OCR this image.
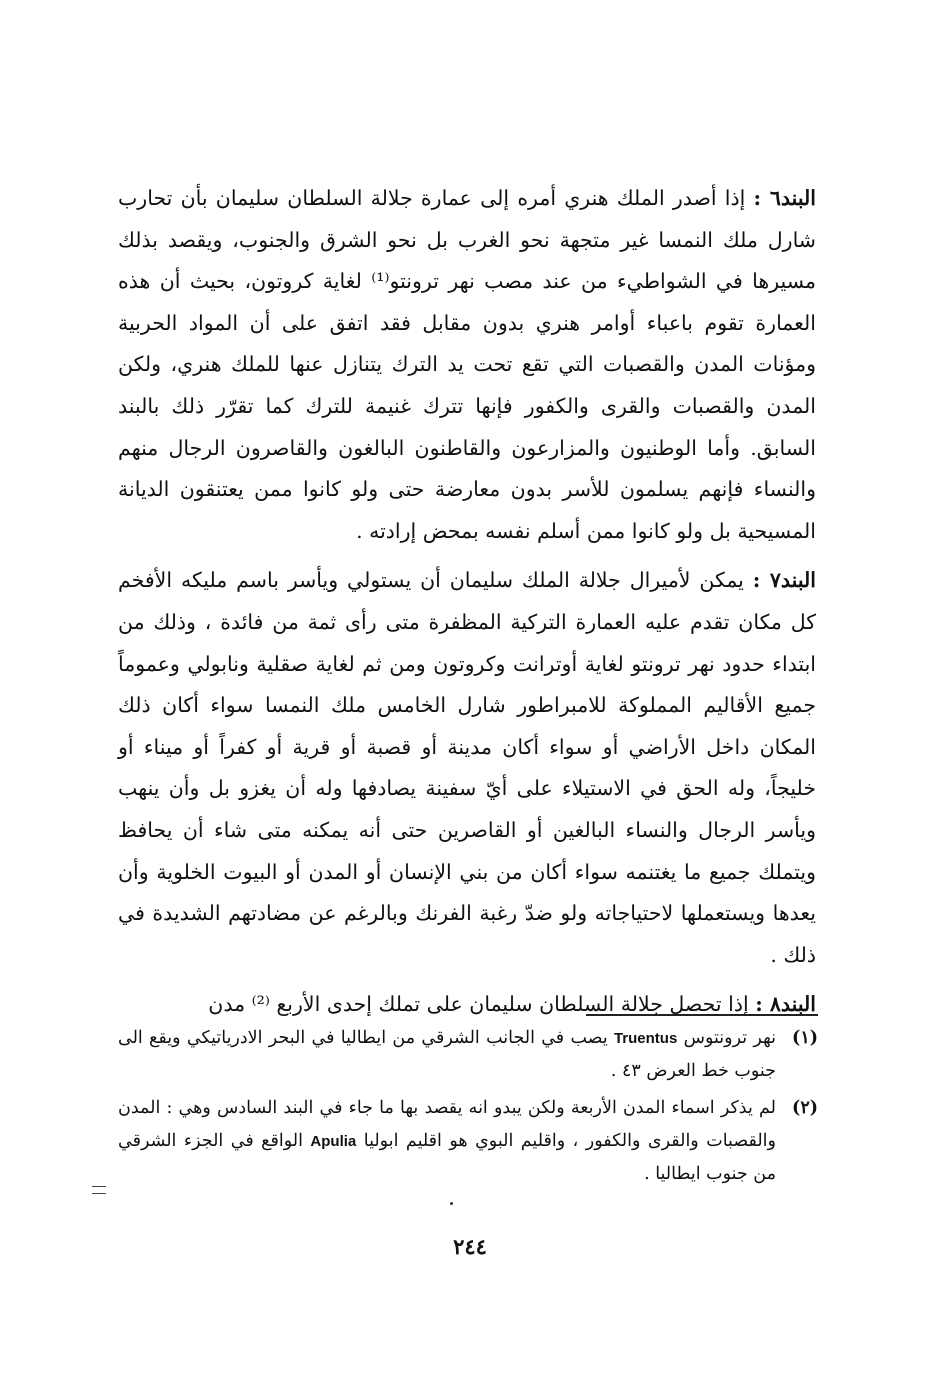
البند٦ : إذا أصدر الملك هنري أمره إلى عمارة جلالة السلطان سليمان بأن تحارب شارل ملك النمسا غير متجهة نحو الغرب بل نحو الشرق والجنوب، ويقصد بذلك مسيرها في الشواطيء من عند مصب نهر ترونتو⁽¹⁾ لغاية كروتون، بحيث أن هذه العمارة تقوم باعباء أوامر هنري بدون مقابل فقد اتفق على أن المواد الحربية ومؤنات المدن والقصبات التي تقع تحت يد الترك يتنازل عنها للملك هنري، ولكن المدن والقصبات والقرى والكفور فإنها تترك غنيمة للترك كما تقرّر ذلك بالبند السابق. وأما الوطنيون والمزارعون والقاطنون البالغون والقاصرون الرجال منهم والنساء فإنهم يسلمون للأسر بدون معارضة حتى ولو كانوا ممن يعتنقون الديانة المسيحية بل ولو كانوا ممن أسلم نفسه بمحض إرادته .

البند٧ : يمكن لأميرال جلالة الملك سليمان أن يستولي ويأسر باسم مليكه الأفخم كل مكان تقدم عليه العمارة التركية المظفرة متى رأى ثمة من فائدة ، وذلك من ابتداء حدود نهر ترونتو لغاية أوترانت وكروتون ومن ثم لغاية صقلية ونابولي وعموماً جميع الأقاليم المملوكة للامبراطور شارل الخامس ملك النمسا سواء أكان ذلك المكان داخل الأراضي أو سواء أكان مدينة أو قصبة أو قرية أو كفراً أو ميناء أو خليجاً، وله الحق في الاستيلاء على أيّ سفينة يصادفها وله أن يغزو بل وأن ينهب ويأسر الرجال والنساء البالغين أو القاصرين حتى أنه يمكنه متى شاء أن يحافظ ويتملك جميع ما يغتنمه سواء أكان من بني الإنسان أو المدن أو البيوت الخلوية وأن يعدها ويستعملها لاحتياجاته ولو ضدّ رغبة الفرنك وبالرغم عن مضادتهم الشديدة في ذلك .

البند٨ : إذا تحصل جلالة السلطان سليمان على تملك إحدى الأربع ⁽²⁾ مدن

(١)
نهر ترونتوس Truentus يصب في الجانب الشرقي من ايطاليا في البحر الادرياتيكي ويقع الى جنوب خط العرض ٤٣ .

(٢)
لم يذكر اسماء المدن الأربعة ولكن يبدو انه يقصد بها ما جاء في البند السادس وهي : المدن والقصبات والقرى والكفور ، واقليم البوي هو اقليم ابوليا Apulia الواقع في الجزء الشرقي من جنوب ايطاليا .

٢٤٤
